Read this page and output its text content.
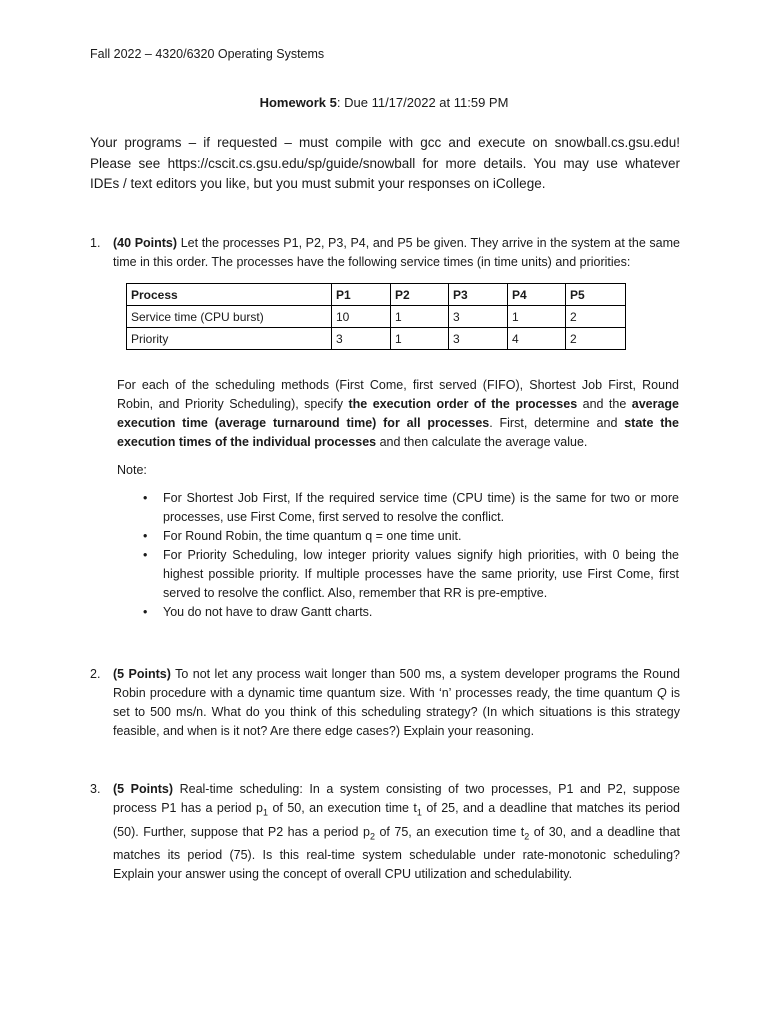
Fall 2022 – 4320/6320 Operating Systems
Homework 5: Due 11/17/2022 at 11:59 PM
Your programs – if requested – must compile with gcc and execute on snowball.cs.gsu.edu! Please see https://cscit.cs.gsu.edu/sp/guide/snowball for more details. You may use whatever IDEs / text editors you like, but you must submit your responses on iCollege.
1. (40 Points) Let the processes P1, P2, P3, P4, and P5 be given. They arrive in the system at the same time in this order. The processes have the following service times (in time units) and priorities:
Process	P1	P2	P3	P4	P5
Service time (CPU burst)	10	1	3	1	2
Priority	3	1	3	4	2
For each of the scheduling methods (First Come, first served (FIFO), Shortest Job First, Round Robin, and Priority Scheduling), specify the execution order of the processes and the average execution time (average turnaround time) for all processes. First, determine and state the execution times of the individual processes and then calculate the average value.
Note:
• For Shortest Job First, If the required service time (CPU time) is the same for two or more processes, use First Come, first served to resolve the conflict.
• For Round Robin, the time quantum q = one time unit.
• For Priority Scheduling, low integer priority values signify high priorities, with 0 being the highest possible priority. If multiple processes have the same priority, use First Come, first served to resolve the conflict. Also, remember that RR is pre-emptive.
• You do not have to draw Gantt charts.
2. (5 Points) To not let any process wait longer than 500 ms, a system developer programs the Round Robin procedure with a dynamic time quantum size. With ‘n’ processes ready, the time quantum Q is set to 500 ms/n. What do you think of this scheduling strategy? (In which situations is this strategy feasible, and when is it not? Are there edge cases?) Explain your reasoning.
3. (5 Points) Real-time scheduling: In a system consisting of two processes, P1 and P2, suppose process P1 has a period $p_1$ of 50, an execution time $t_1$ of 25, and a deadline that matches its period (50). Further, suppose that P2 has a period $p_2$ of 75, an execution time $t_2$ of 30, and a deadline that matches its period (75). Is this real-time system schedulable under rate-monotonic scheduling? Explain your answer using the concept of overall CPU utilization and schedulability.
